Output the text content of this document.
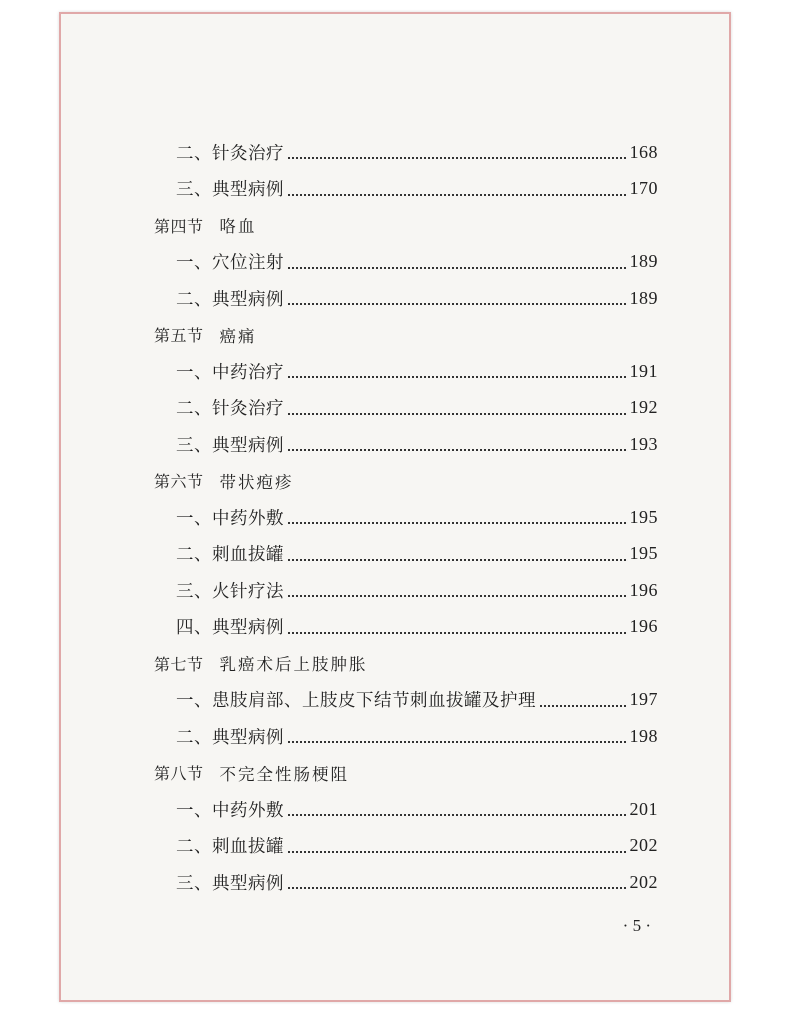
二、针灸治疗	168
三、典型病例	170
第四节 咯血
一、穴位注射	189
二、典型病例	189
第五节 癌痛
一、中药治疗	191
二、针灸治疗	192
三、典型病例	193
第六节 带状疱疹
一、中药外敷	195
二、刺血拔罐	195
三、火针疗法	196
四、典型病例	196
第七节 乳癌术后上肢肿胀
一、患肢肩部、上肢皮下结节刺血拔罐及护理	197
二、典型病例	198
第八节 不完全性肠梗阻
一、中药外敷	201
二、刺血拔罐	202
三、典型病例	202
· 5 ·
